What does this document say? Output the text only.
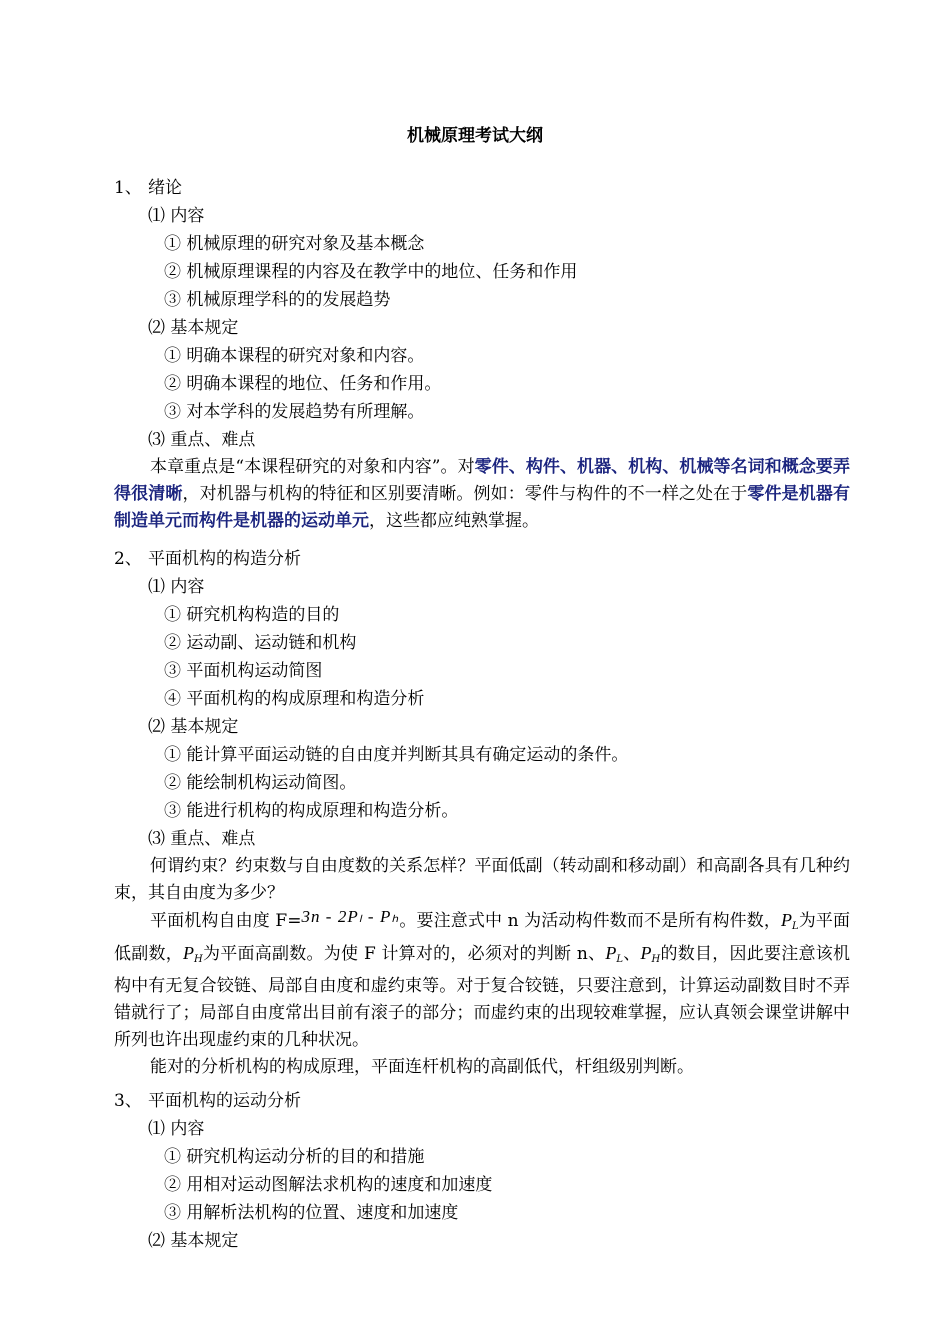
机械原理考试大纲
1、 绪论
⑴ 内容
① 机械原理的研究对象及基本概念
② 机械原理课程的内容及在教学中的地位、任务和作用
③ 机械原理学科的的发展趋势
⑵ 基本规定
① 明确本课程的研究对象和内容。
② 明确本课程的地位、任务和作用。
③ 对本学科的发展趋势有所理解。
⑶ 重点、难点
本章重点是“本课程研究的对象和内容”。对零件、构件、机器、机构、机械等名词和概念要弄得很清晰，对机器与机构的特征和区别要清晰。例如：零件与构件的不一样之处在于零件是机器有制造单元而构件是机器的运动单元，这些都应纯熟掌握。
2、 平面机构的构造分析
⑴ 内容
① 研究机构构造的目的
② 运动副、运动链和机构
③ 平面机构运动简图
④ 平面机构的构成原理和构造分析
⑵ 基本规定
① 能计算平面运动链的自由度并判断其具有确定运动的条件。
② 能绘制机构运动简图。
③ 能进行机构的构成原理和构造分析。
⑶ 重点、难点
何谓约束？约束数与自由度数的关系怎样？平面低副（转动副和移动副）和高副各具有几种约束，其自由度为多少？
平面机构自由度 F=3n - 2Pₗ - Pₕ。要注意式中 n 为活动构件数而不是所有构件数，$P_L$为平面低副数，$P_H$为平面高副数。为使 F 计算对的，必须对的判断 n、$P_L$、$P_H$的数目，因此要注意该机构中有无复合铰链、局部自由度和虚约束等。对于复合铰链，只要注意到，计算运动副数目时不弄错就行了；局部自由度常出目前有滚子的部分；而虚约束的出现较难掌握，应认真领会课堂讲解中所列也许出现虚约束的几种状况。
能对的分析机构的构成原理，平面连杆机构的高副低代，杆组级别判断。
3、 平面机构的运动分析
⑴ 内容
① 研究机构运动分析的目的和措施
② 用相对运动图解法求机构的速度和加速度
③ 用解析法机构的位置、速度和加速度
⑵ 基本规定
